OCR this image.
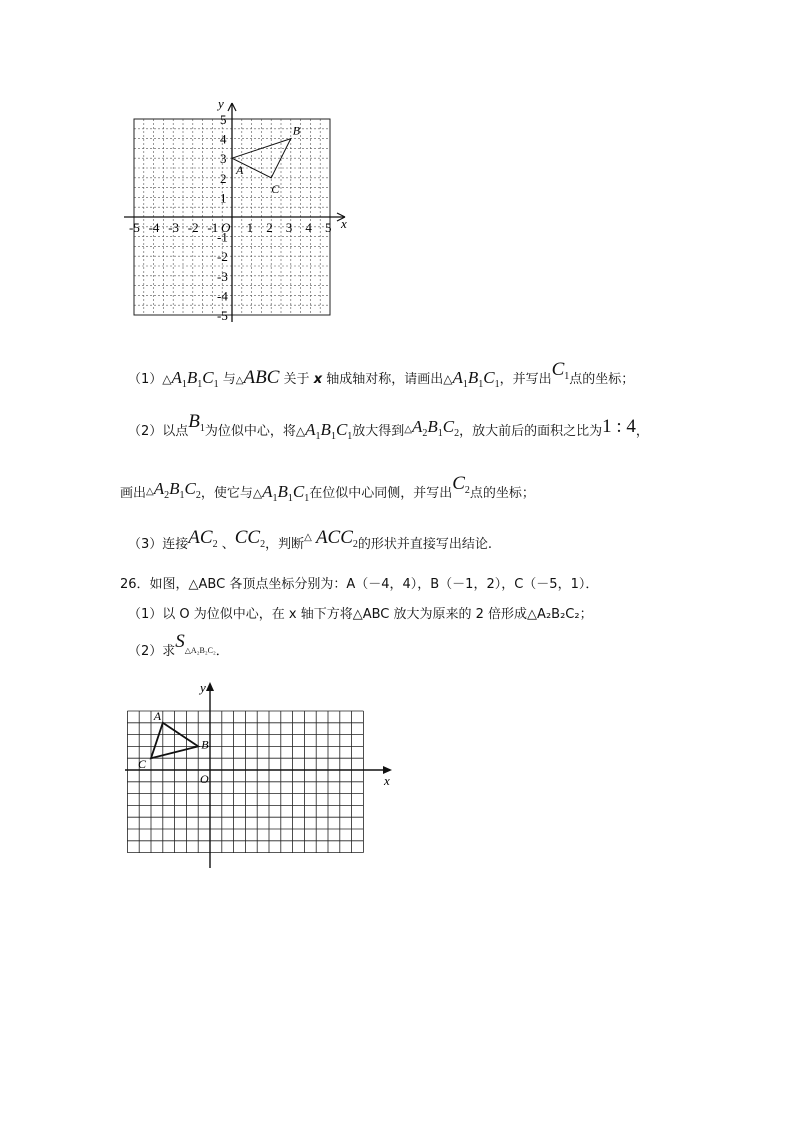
x
y
O
-5 -4 -3 -2 -1 1 2 3 4 5
1
2
3
4
5
-1
-2
-3
-4
-5
A
B
C
$(1)\triangle A_1B_1C_1$ 与△ABC 关于 x 轴成轴对称，请画出$\triangle A_1B_1C_1$，并写出$C_1$点的坐标；
（2）以点$B_1$为位似中心，将$\triangle A_1B_1C_1$放大得到$\triangle A_2B_1C_2$，放大前后的面积之比为1 : 4，
画出$\triangle A_2B_1C_2$，使它与$\triangle A_1B_1C_1$在位似中心同侧，并写出$C_2$点的坐标；
（3）连接$AC_2$ 、$CC_2$，判断△ $ACC_2$的形状并直接写出结论.
26．如图，△ABC 各顶点坐标分别为：A（－4，4），B（－1，2），C（－5，1）．
（1）以 O 为位似中心，在 x 轴下方将△ABC 放大为原来的 2 倍形成△A₂B₂C₂；
（2）求$S_{\triangle A_2B_2C_2}$．
x
y
O
A
B
C
